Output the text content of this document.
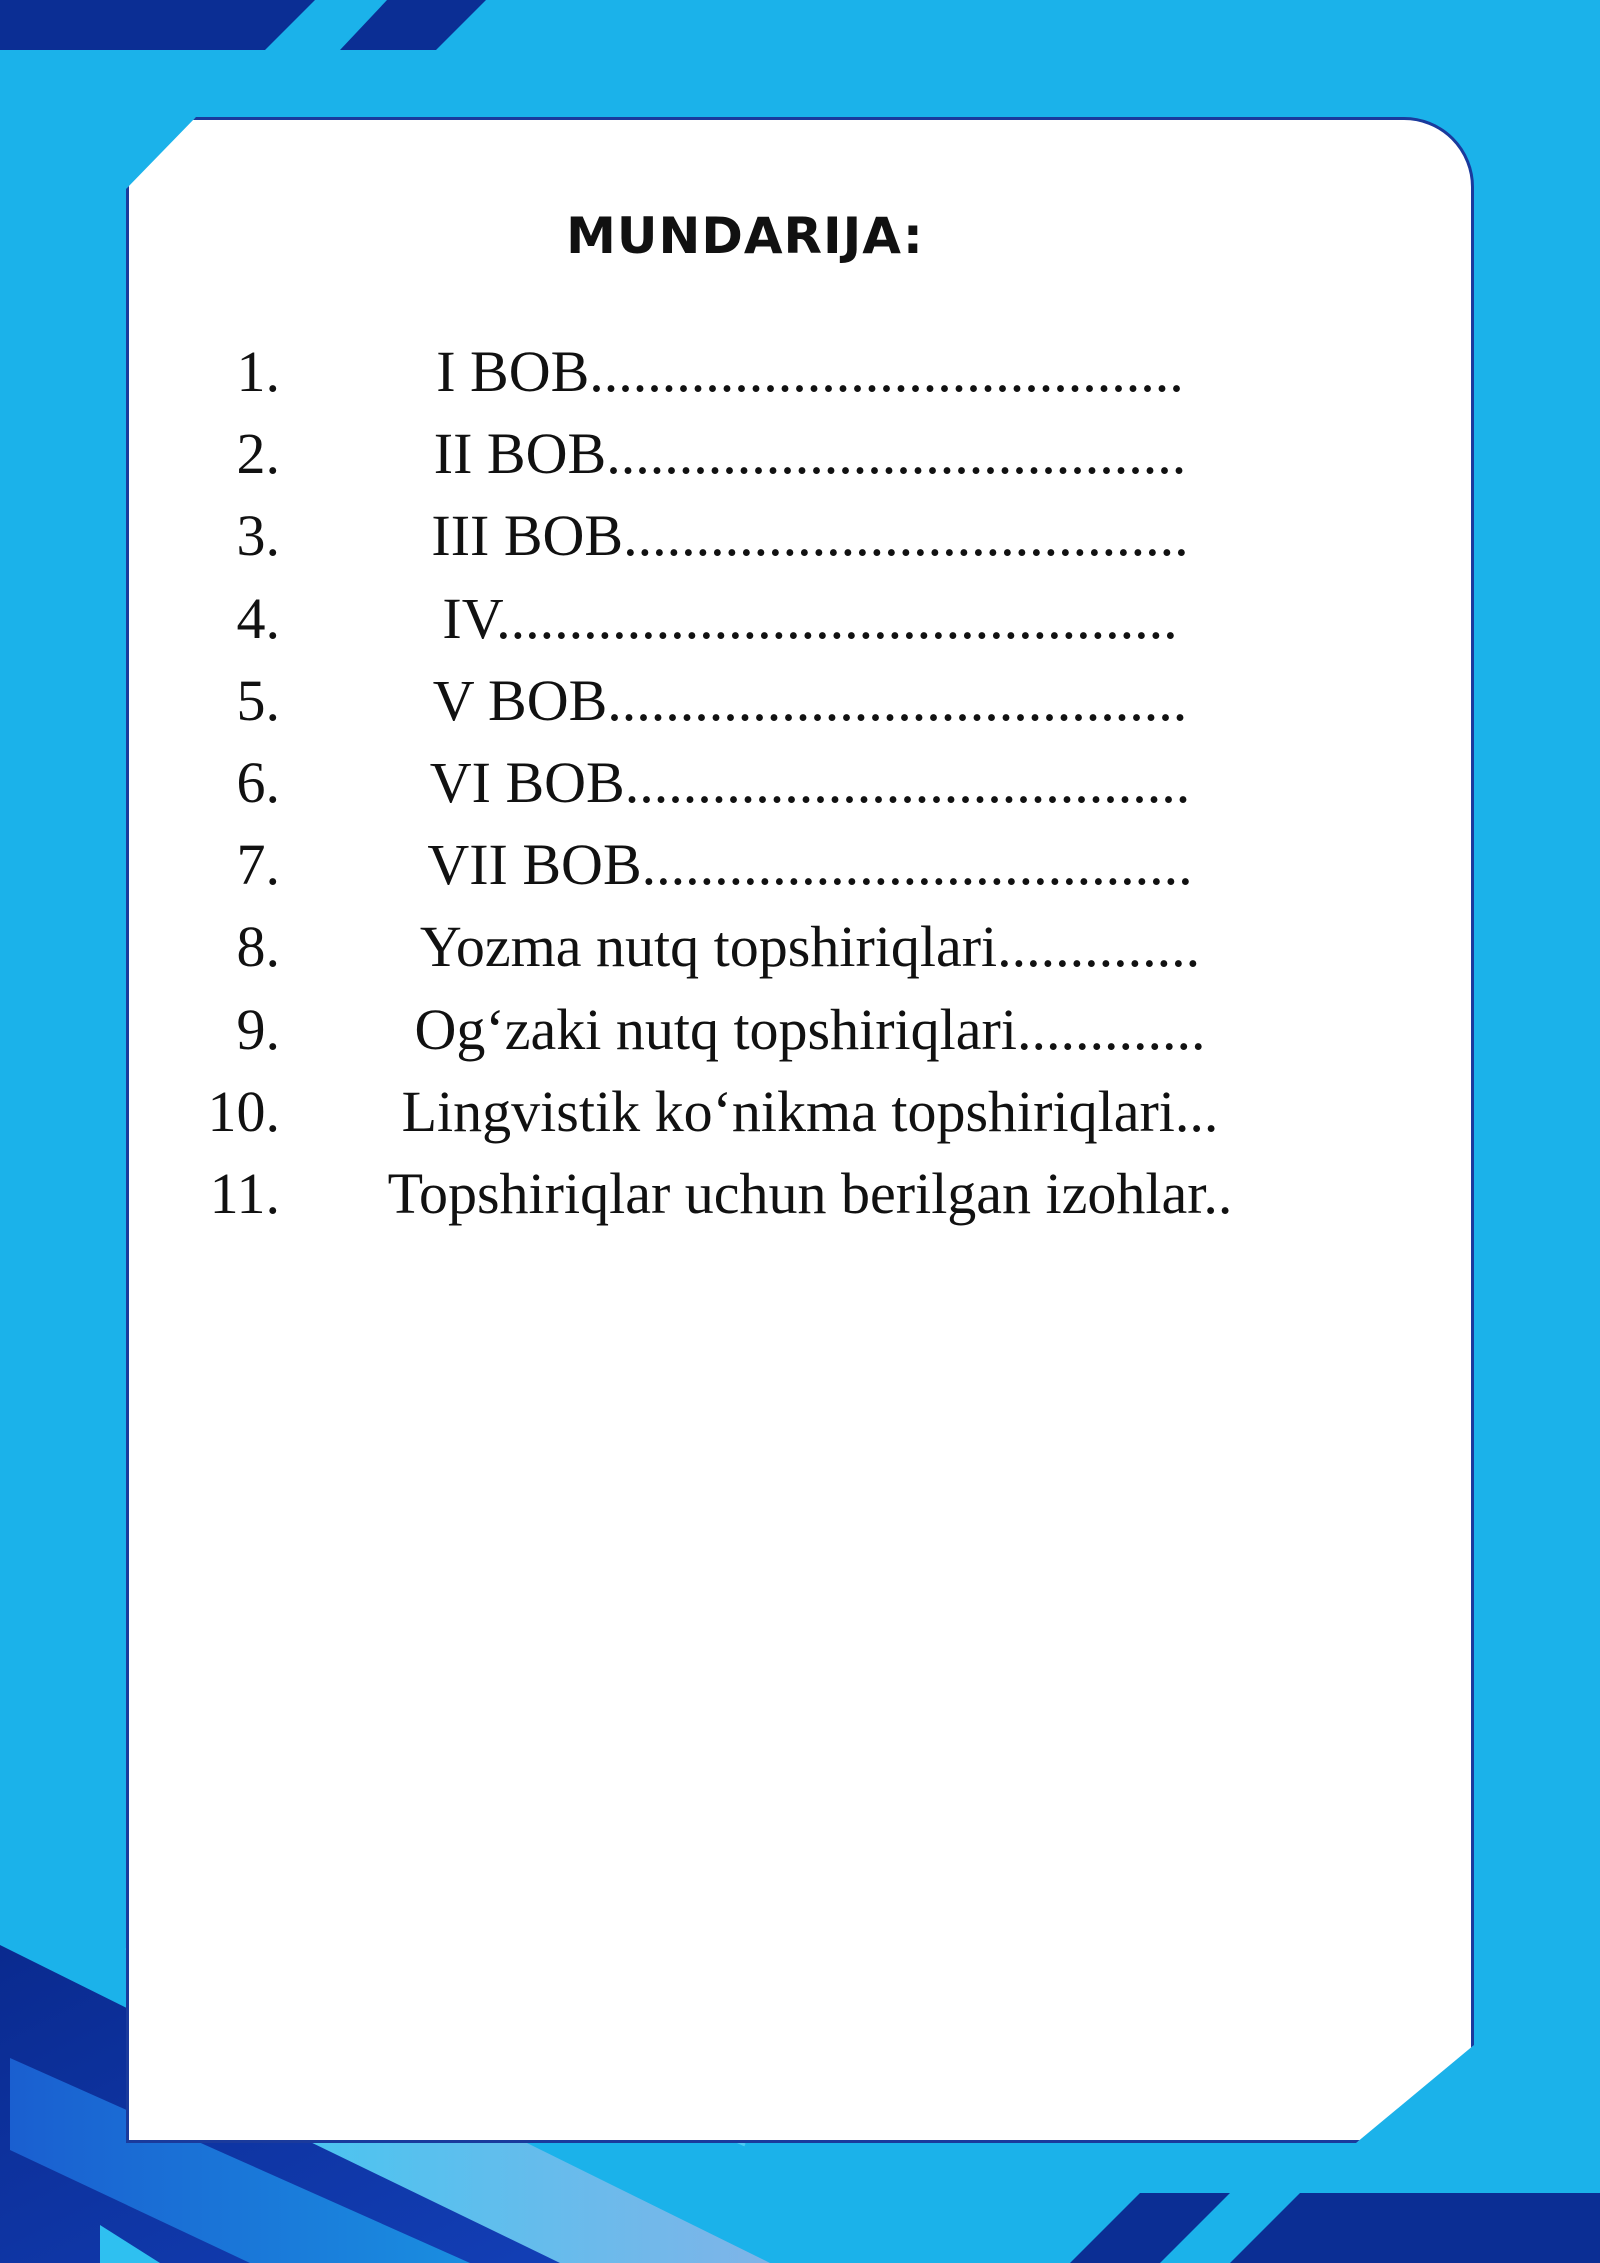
MUNDARIJA:
1.	I BOB.........................................
2.	II BOB........................................
3.	III BOB.......................................
4.	IV...............................................
5.	V BOB........................................
6.	VI BOB.......................................
7.	VII BOB......................................
8. Yozma nutq topshiriqlari..............
9. Og‘zaki nutq topshiriqlari.............
10. Lingvistik ko‘nikma topshiriqlari...
11. Topshiriqlar uchun berilgan izohlar..
